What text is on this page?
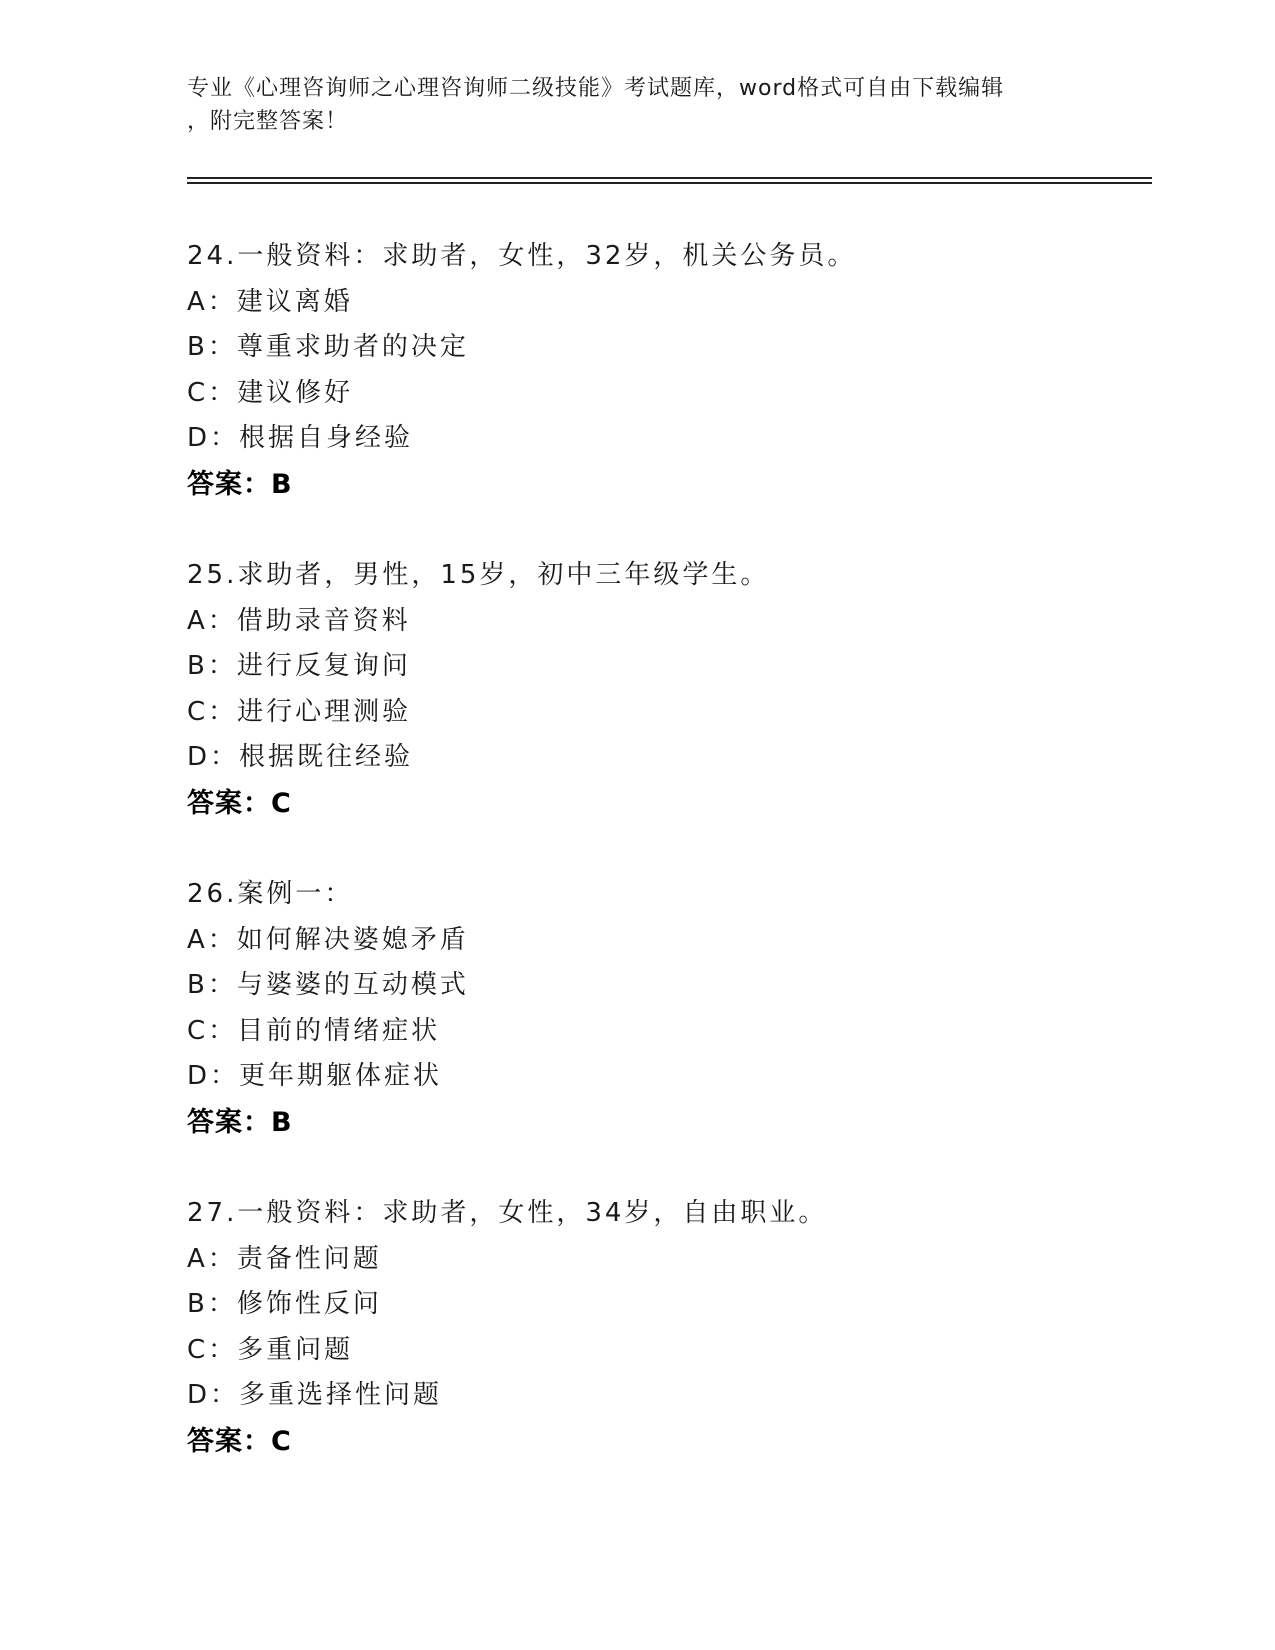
专业《心理咨询师之心理咨询师二级技能》考试题库，word格式可自由下载编辑
，附完整答案！
24.一般资料：求助者，女性，32岁，机关公务员。
A：建议离婚
B：尊重求助者的决定
C：建议修好
D：根据自身经验
答案：B
25.求助者，男性，15岁，初中三年级学生。
A：借助录音资料
B：进行反复询问
C：进行心理测验
D：根据既往经验
答案：C
26.案例一：
A：如何解决婆媳矛盾
B：与婆婆的互动模式
C：目前的情绪症状
D：更年期躯体症状
答案：B
27.一般资料：求助者，女性，34岁，自由职业。
A：责备性问题
B：修饰性反问
C：多重问题
D：多重选择性问题
答案：C
